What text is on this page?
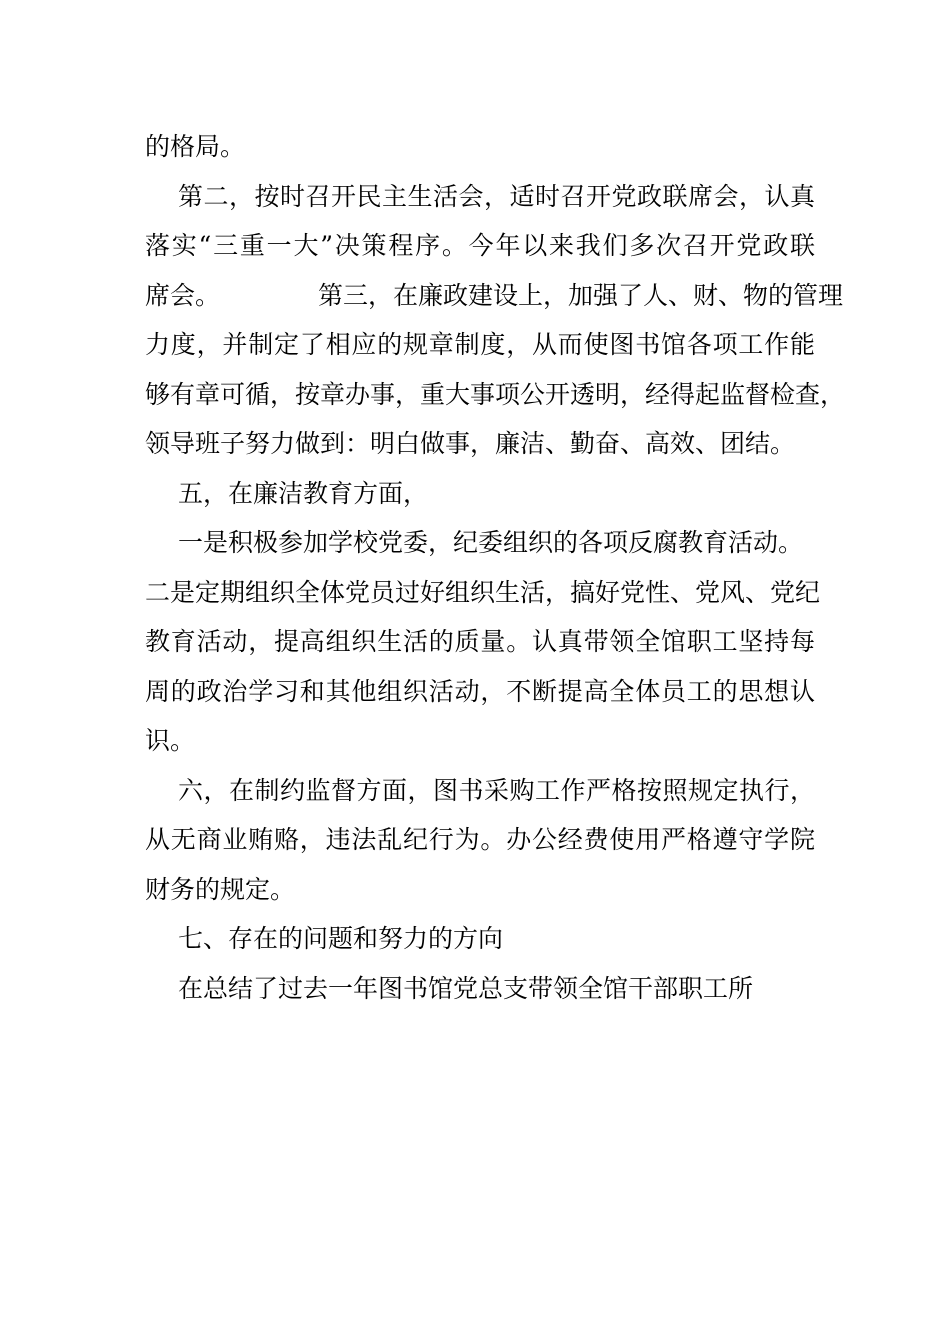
的格局。
第二，按时召开民主生活会，适时召开党政联席会，认真
落实“三重一大”决策程序。今年以来我们多次召开党政联
席会。	第三，在廉政建设上，加强了人、财、物的管理
力度，并制定了相应的规章制度，从而使图书馆各项工作能
够有章可循，按章办事，重大事项公开透明，经得起监督检查，
领导班子努力做到：明白做事，廉洁、勤奋、高效、团结。
五，在廉洁教育方面，
一是积极参加学校党委，纪委组织的各项反腐教育活动。
二是定期组织全体党员过好组织生活，搞好党性、党风、党纪
教育活动，提高组织生活的质量。认真带领全馆职工坚持每
周的政治学习和其他组织活动，不断提高全体员工的思想认
识。
六，在制约监督方面，图书采购工作严格按照规定执行，
从无商业贿赂，违法乱纪行为。办公经费使用严格遵守学院
财务的规定。
七、存在的问题和努力的方向
在总结了过去一年图书馆党总支带领全馆干部职工所
